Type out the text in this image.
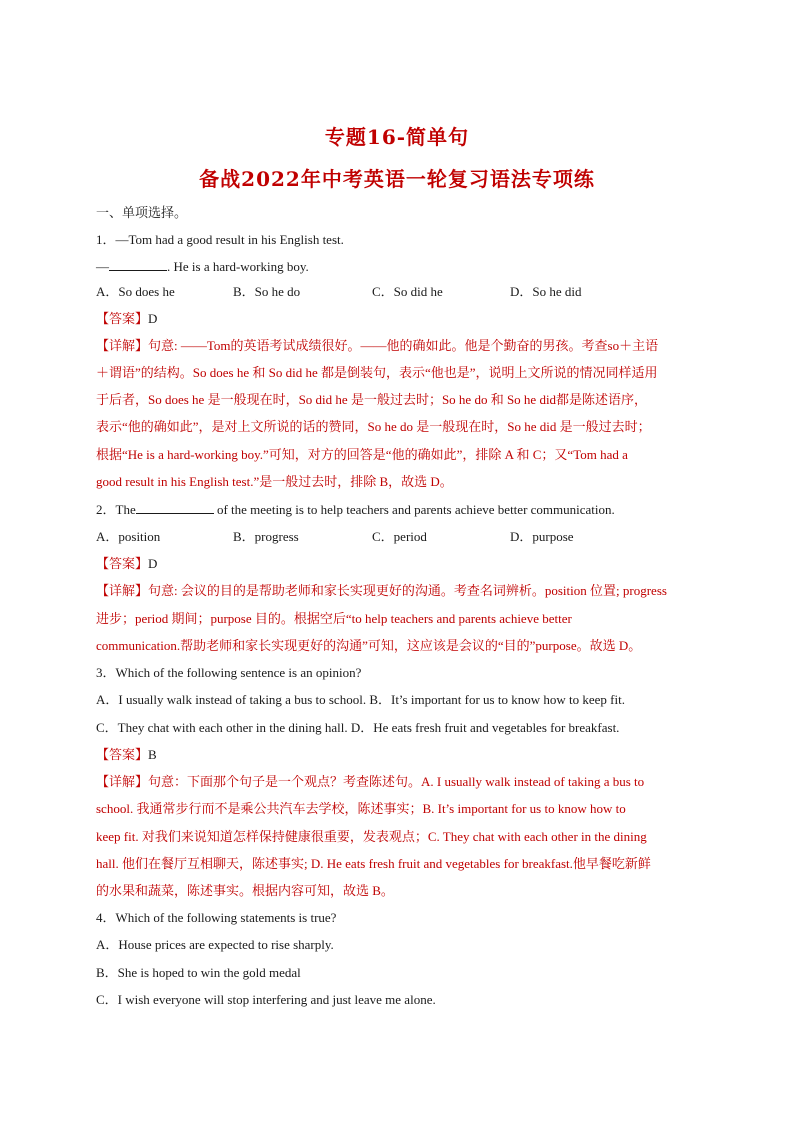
专题16-简单句
备战2022年中考英语一轮复习语法专项练
一、单项选择。
1．—Tom had a good result in his English test.
—	. He is a hard-working boy.
A．So does he	B．So he do	C．So did he	D．So he did
【答案】D
【详解】句意: ——Tom的英语考试成绩很好。——他的确如此。他是个勤奋的男孩。考查so＋主语
＋谓语”的结构。So does he 和 So did he 都是倒装句，表示“他也是”，说明上文所说的情况同样适用
于后者，So does he 是一般现在时，So did he 是一般过去时；So he do 和 So he did都是陈述语序，
表示“他的确如此”，是对上文所说的话的赞同，So he do 是一般现在时，So he did 是一般过去时；
根据“He is a hard-working boy.”可知，对方的回答是“他的确如此”，排除 A 和 C；又“Tom had a
good result in his English test.”是一般过去时，排除 B，故选 D。
2．The	of the meeting is to help teachers and parents achieve better communication.
A．position	B．progress	C．period	D．purpose
【答案】D
【详解】句意: 会议的目的是帮助老师和家长实现更好的沟通。考查名词辨析。position 位置; progress
进步；period 期间；purpose 目的。根据空后“to help teachers and parents achieve better
communication.帮助老师和家长实现更好的沟通”可知，这应该是会议的“目的”purpose。故选 D。
3．Which of the following sentence is an opinion?
A．I usually walk instead of taking a bus to school. B．It’s important for us to know how to keep fit.
C．They chat with each other in the dining hall. D．He eats fresh fruit and vegetables for breakfast.
【答案】B
【详解】句意：下面那个句子是一个观点？考查陈述句。A. I usually walk instead of taking a bus to
school. 我通常步行而不是乘公共汽车去学校，陈述事实；B. It’s important for us to know how to
keep fit. 对我们来说知道怎样保持健康很重要，发表观点；C. They chat with each other in the dining
hall. 他们在餐厅互相聊天，陈述事实; D. He eats fresh fruit and vegetables for breakfast.他早餐吃新鲜
的水果和蔬菜，陈述事实。根据内容可知，故选 B。
4．Which of the following statements is true?
A．House prices are expected to rise sharply.
B．She is hoped to win the gold medal
C．I wish everyone will stop interfering and just leave me alone.
